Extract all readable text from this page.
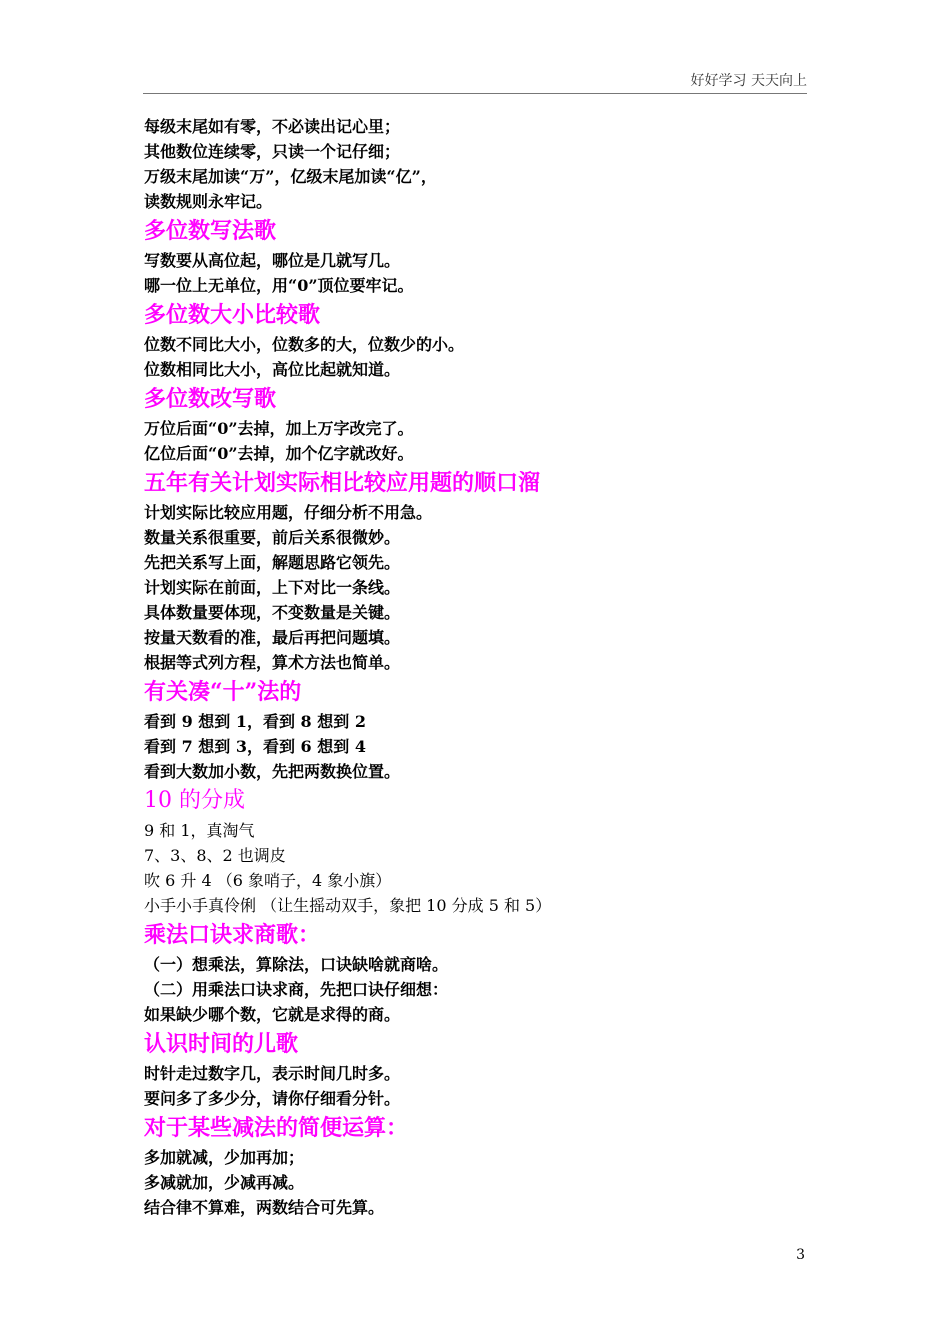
好好学习 天天向上
每级末尾如有零，不必读出记心里；
其他数位连续零，只读一个记仔细；
万级末尾加读“万”，亿级末尾加读“亿”，
读数规则永牢记。
多位数写法歌
写数要从高位起，哪位是几就写几。
哪一位上无单位，用“0”顶位要牢记。
多位数大小比较歌
位数不同比大小，位数多的大，位数少的小。
位数相同比大小，高位比起就知道。
多位数改写歌
万位后面“0”去掉，加上万字改完了。
亿位后面“0”去掉，加个亿字就改好。
五年有关计划实际相比较应用题的顺口溜
计划实际比较应用题，仔细分析不用急。
数量关系很重要，前后关系很微妙。
先把关系写上面，解题思路它领先。
计划实际在前面，上下对比一条线。
具体数量要体现，不变数量是关键。
按量天数看的准，最后再把问题填。
根据等式列方程，算术方法也简单。
有关凑“十”法的
看到 9 想到 1，看到 8 想到 2
看到 7 想到 3，看到 6 想到 4
看到大数加小数，先把两数换位置。
10 的分成
9 和 1，真淘气
7、3、8、2 也调皮
吹 6 升 4 （6 象哨子，4 象小旗）
小手小手真伶俐 （让生摇动双手，象把 10 分成 5 和 5）
乘法口诀求商歌：
（一）想乘法，算除法，口诀缺啥就商啥。
（二）用乘法口诀求商，先把口诀仔细想：
如果缺少哪个数，它就是求得的商。
认识时间的儿歌
时针走过数字几，表示时间几时多。
要问多了多少分，请你仔细看分针。
对于某些减法的简便运算：
多加就减，少加再加；
多减就加，少减再减。
结合律不算难，两数结合可先算。
3
